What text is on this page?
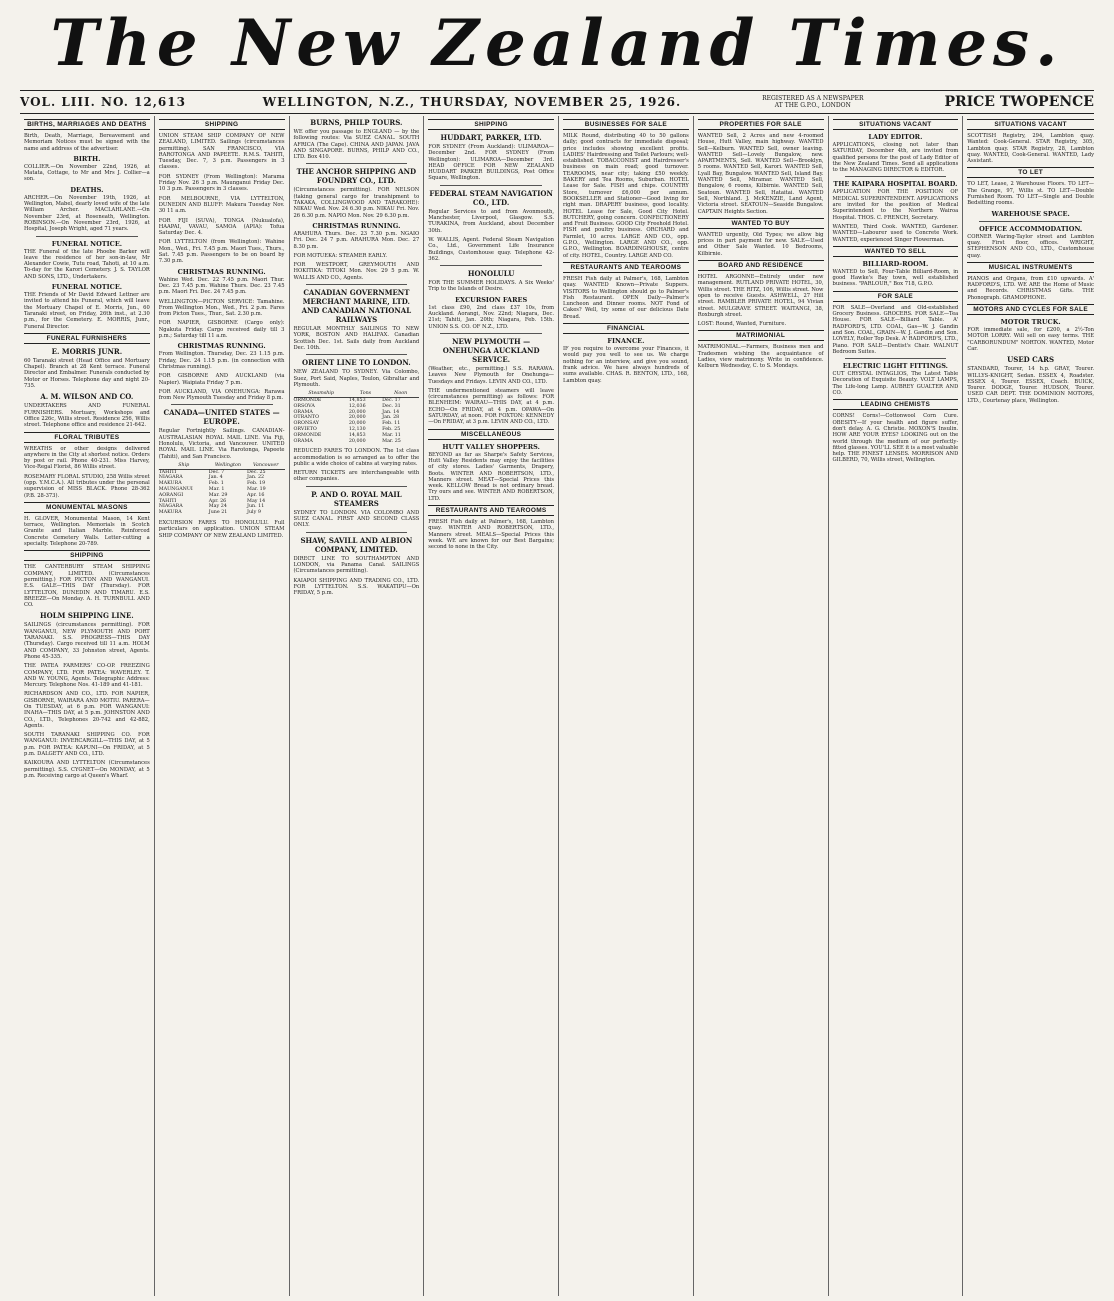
The New Zealand Times.
VOL. LIII. NO. 12,613	WELLINGTON, N.Z., THURSDAY, NOVEMBER 25, 1926.	REGISTERED AS A NEWSPAPER AT THE G.P.O., LONDON	PRICE TWOPENCE
BIRTHS, MARRIAGES AND DEATHS

Birth, Death, Marriage, Bereavement and Memoriam Notices must be signed with the name and address of the advertiser.

BIRTH.

COLLIER.—On November 22nd, 1926, at Matata, Cottage, to Mr and Mrs J. Collier—a son.

DEATHS.

ARCHER.—On November 19th, 1926, at Wellington, Mabel, dearly loved wife of the late William Archer. MACLAHLANE.—On November 23rd, at Roseneath, Wellington. ROBINSON.—On November 23rd, 1926, at Hospital, Joseph Wright, aged 71 years.

FUNERAL NOTICE.

THE Funeral of the late Phoebe Barker will leave the residence of her son-in-law, Mr Alexander Cowie, Tutu road, Tahoti, at 10 a.m. To-day for the Karori Cemetery. J. S. TAYLOR AND SONS, LTD., Undertakers.

FUNERAL NOTICE.

THE Friends of Mr David Edward Lettner are invited to attend his Funeral, which will leave the Mortuary Chapel of E. Morris, Jun., 60 Taranaki street, on Friday, 26th inst., at 2.30 p.m., for the Cemetery. E. MORRIS, Junr., Funeral Director.

FUNERAL FURNISHERS
E. MORRIS JUNR.

60 Taranaki street (Head Office and Mortuary Chapel). Branch at 28 Kent terrace. Funeral Director and Embalmer. Funerals conducted by Motor or Horses. Telephone day and night 20-735.

A. M. WILSON AND CO.

UNDERTAKERS AND FUNERAL FURNISHERS. Mortuary, Workshops and Office 226c, Willis street. Residence 256, Willis street. Telephone office and residence 21-642.

FLORAL TRIBUTES

WREATHS or other designs delivered anywhere in the City at shortest notice. Orders by post or rail. Phone 40-231. Miss Harvey, Vice-Regal Florist, 86 Willis street.

ROSEMARY FLORAL STUDIO, 258 Willis street (opp. Y.M.C.A.). All tributes under the personal supervision of MISS BLACK. Phone 28-362 (P.B. 28-373).

MONUMENTAL MASONS

H. GLOVER, Monumental Mason, 14 Kent terrace, Wellington. Memorials in Scotch Granite and Italian Marble. Reinforced Concrete Cemetery Walls. Letter-cutting a specialty. Telephone 20-789.

SHIPPING

THE CANTERBURY STEAM SHIPPING COMPANY, LIMITED. (Circumstances permitting.) FOR PICTON AND WANGANUI. E.S. GALE—THIS DAY (Thursday). FOR LYTTELTON, DUNEDIN AND TIMARU. E.S. BREEZE—On Monday. A. H. TURNBULL AND CO.

HOLM SHIPPING LINE.

SAILINGS (circumstances permitting). FOR WANGANUI, NEW PLYMOUTH AND PORT TARANAKI. S.S. PROGRESS—THIS DAY (Thursday). Cargo received till 11 a.m. HOLM AND COMPANY, 33 Johnston street, Agents. Phone 45-335.

THE PATEA FARMERS' CO-OP. FREEZING COMPANY, LTD. FOR PATEA: WAVERLEY. T. AND W. YOUNG, Agents. Telegraphic Address: Mercury. Telephone Nos. 41-189 and 41-181.

RICHARDSON AND CO., LTD. FOR NAPIER, GISBORNE, WAIRARA AND MOTIU. PARERA—On TUESDAY, at 6 p.m. FOR WANGANUI: INAHA—THIS DAY, at 5 p.m. JOHNSTON AND CO., LTD., Telephones 20-742 and 42-882, Agents.

SOUTH TARANAKI SHIPPING CO. FOR WANGANUI: INVERCARGILL—THIS DAY, at 5 p.m. FOR PATEA: KAPUNI—On FRIDAY, at 5 p.m. DALGETY AND CO., LTD.

KAIKOURA AND LYTTELTON (Circumstances permitting). S.S. CYGNET—On MONDAY, at 5 p.m. Receiving cargo at Queen's Wharf.

SHIPPING

UNION STEAM SHIP COMPANY OF NEW ZEALAND, LIMITED. Sailings (circumstances permitting). SAN FRANCISCO, VIA RAROTONGA AND PAPEETE. R.M.S. TAHITI, Tuesday, Dec. 7, 3 p.m. Passengers in 3 classes.

FOR SYDNEY (From Wellington): Marama Friday Nov. 26 3 p.m. Maunganui Friday Dec. 10 3 p.m. Passengers in 3 classes.

FOR MELBOURNE, VIA LYTTELTON, DUNEDIN AND BLUFF: Makura Tuesday Nov. 30 11 a.m.

FOR FIJI (SUVA), TONGA (Nukualofa), HAAPAI, VAVAU, SAMOA (APIA): Tofua Saturday Dec. 4.

FOR LYTTELTON (from Wellington): Wahine Mon., Wed., Fri. 7.45 p.m. Maori Tues., Thurs., Sat. 7.45 p.m. Passengers to be on board by 7.30 p.m.

CHRISTMAS RUNNING.

Wahine Wed. Dec. 22 7.45 p.m. Maori Thur. Dec. 23 7.45 p.m. Wahine Thurs. Dec. 23 7.45 p.m. Maori Fri. Dec. 24 7.45 p.m.

WELLINGTON—PICTON SERVICE: Tamahine. From Wellington Mon., Wed., Fri. 2 p.m. Fares from Picton Tues., Thur., Sat. 2.30 p.m.

FOR NAPIER, GISBORNE (Cargo only): Ngakuta Friday. Cargo received daily till 3 p.m.; Saturday till 11 a.m.

CHRISTMAS RUNNING.

From Wellington. Thursday, Dec. 23 1.15 p.m. Friday, Dec. 24 1.15 p.m. (in connection with Christmas running).

FOR GISBORNE AND AUCKLAND (via Napier). Waipiata Friday 7 p.m.

FOR AUCKLAND, VIA ONEHUNGA: Rarawa from New Plymouth Tuesday and Friday 8 p.m.

CANADA—UNITED STATES —EUROPE.

Regular Fortnightly Sailings. CANADIAN-AUSTRALASIAN ROYAL MAIL LINE. Via Fiji, Honolulu, Victoria, and Vancouver. UNITED ROYAL MAIL LINE. Via Rarotonga, Papeete (Tahiti), and San Francisco.

Ship	Wellington	Vancouver
TAHITI	Dec. 7	Dec. 25
NIAGARA	Jan. 4	Jan. 22
MAKURA	Feb. 1	Feb. 19
MAUNGANUI	Mar. 1	Mar. 19
AORANGI	Mar. 29	Apr. 16
TAHITI	Apr. 26	May 14
NIAGARA	May 24	Jun. 11
MAKURA	June 21	July 9

EXCURSION FARES TO HONOLULU. Full particulars on application. UNION STEAM SHIP COMPANY OF NEW ZEALAND LIMITED.

BURNS, PHILP TOURS.

WE offer you passage to ENGLAND — by the following routes: Via SUEZ CANAL. SOUTH AFRICA (The Cape). CHINA AND JAPAN. JAVA AND SINGAPORE. BURNS, PHILP AND CO., LTD. Box 410.

THE ANCHOR SHIPPING AND FOUNDRY CO., LTD.

(Circumstances permitting). FOR NELSON (taking general cargo for transhipment to TAKAKA, COLLINGWOOD AND TARAKOHE): NIKAU Wed. Nov. 24 6.30 p.m. NIKAU Fri. Nov. 26 6.30 p.m. NAPIO Mon. Nov. 29 6.30 p.m.

CHRISTMAS RUNNING.

ARAHURA Thurs. Dec. 23 7.30 p.m. NGAIO Fri. Dec. 24 7 p.m. ARAHURA Mon. Dec. 27 8.30 p.m.

FOR MOTUEKA: STEAMER EARLY.

FOR WESTPORT, GREYMOUTH AND HOKITIKA: TITOKI Mon. Nov. 29 5 p.m. W. WALLIS AND CO., Agents.

CANADIAN GOVERNMENT MERCHANT MARINE, LTD. AND CANADIAN NATIONAL RAILWAYS

REGULAR MONTHLY SAILINGS TO NEW YORK, BOSTON AND HALIFAX. Canadian Scottish Dec. 1st. Sails daily from Auckland Dec. 10th.

ORIENT LINE TO LONDON.

NEW ZEALAND TO SYDNEY. Via Colombo, Suez, Port Said, Naples, Toulon, Gibraltar and Plymouth.

Steamship	Tons	Noon
ORMONDE	14,853	Dec. 17
ORSOVA	12,036	Dec. 31
ORAMA	20,000	Jan. 14
OTRANTO	20,000	Jan. 28
ORONSAY	20,000	Feb. 11
ORVIETO	12,130	Feb. 25
ORMONDE	14,853	Mar. 11
ORAMA	20,000	Mar. 25

REDUCED FARES TO LONDON. The 1st class accommodation is so arranged as to offer the public a wide choice of cabins at varying rates.

RETURN TICKETS are interchangeable with other companies.

P. AND O. ROYAL MAIL STEAMERS

SYDNEY TO LONDON. VIA COLOMBO AND SUEZ CANAL. FIRST AND SECOND CLASS ONLY.

SHAW, SAVILL AND ALBION COMPANY, LIMITED.

DIRECT LINE TO SOUTHAMPTON AND LONDON, via Panama Canal. SAILINGS (Circumstances permitting).

KAIAPOI SHIPPING AND TRADING CO., LTD. FOR LYTTELTON. S.S. WAKATIPU—On FRIDAY, 5 p.m.

SHIPPING
HUDDART, PARKER, LTD.

FOR SYDNEY (From Auckland): ULIMAROA—December 2nd. FOR SYDNEY (From Wellington): ULIMAROA—December 3rd. HEAD OFFICE FOR NEW ZEALAND HUDDART PARKER BUILDINGS, Post Office Square, Wellington.

FEDERAL STEAM NAVIGATION CO., LTD.

Regular Services to and from Avonmouth, Manchester, Liverpool, Glasgow. S.S. TURAKINA, from Auckland, about December 30th.

W. WALLIS, Agent. Federal Steam Navigation Co., Ltd., Government Life Insurance Buildings, Customhouse quay. Telephone 42-362.

HONOLULU

FOR THE SUMMER HOLIDAYS. A Six Weeks' Trip to the Islands of Desire.

EXCURSION FARES

1st class £90, 2nd class £37 10s, from Auckland. Aorangi, Nov. 22nd; Niagara, Dec. 21st; Tahiti, Jan. 20th; Niagara, Feb. 15th. UNION S.S. CO. OF N.Z., LTD.

NEW PLYMOUTH — ONEHUNGA AUCKLAND SERVICE.

(Weather, etc., permitting.) S.S. RARAWA. Leaves New Plymouth for Onehunga—Tuesdays and Fridays. LEVIN AND CO., LTD.

THE undermentioned steamers will leave (circumstances permitting) as follows: FOR BLENHEIM: WAIRAU—THIS DAY, at 4 p.m. ECHO—On FRIDAY, at 4 p.m. OPAWA—On SATURDAY, at noon. FOR FOXTON: KENNEDY—On FRIDAY, at 3 p.m. LEVIN AND CO., LTD.

MISCELLANEOUS
HUTT VALLEY SHOPPERS.

BEYOND as far as Sharpe's Safety Services, Hutt Valley Residents may enjoy the facilities of city stores. Ladies' Garments, Drapery, Boots. WINTER AND ROBERTSON, LTD., Manners street. MEAT—Special Prices this week. KELLOW Bread is not ordinary bread. Try ours and see. WINTER AND ROBERTSON, LTD.

RESTAURANTS AND TEAROOMS

FRESH Fish daily at Palmer's, 168, Lambton quay. WINTER AND ROBERTSON, LTD., Manners street. MEALS—Special Prices this week. WE are known for our Best Bargains; second to none in the City.

BUSINESSES FOR SALE

MILK Round, distributing 40 to 50 gallons daily; good contracts for immediate disposal; price includes showing excellent profits. LADIES' Hairdressing and Toilet Parlours; well-established. TOBACCONIST and Hairdresser's business on main road; good turnover. TEAROOMS, near city; taking £50 weekly. BAKERY and Tea Rooms, Suburban. HOTEL Lease for Sale. FISH and chips. COUNTRY Store, turnover £6,000 per annum. BOOKSELLER and Stationer—Good living for right man. DRAPERY business, good locality. HOTEL Lease for Sale, Good City Hotel. BUTCHERY, going concern. CONFECTIONERY and Fruit Business. GOOD City Freehold Hotel. FISH and poultry business. ORCHARD and Farmlet, 10 acres. LARGE AND CO., opp. G.P.O., Wellington. LARGE AND CO., opp. G.P.O., Wellington. BOARDINGHOUSE, centre of city. HOTEL, Country. LARGE AND CO.

RESTAURANTS AND TEAROOMS

FRESH Fish daily at Palmer's, 168, Lambton quay. WANTED Known—Private Suppers. VISITORS to Wellington should go to Palmer's Fish Restaurant. OPEN Daily—Palmer's Luncheon and Dinner rooms. NOT Fond of Cakes? Well, try some of our delicious Date Bread.

FINANCIAL
FINANCE.

IF you require to overcome your Finances, it would pay you well to see us. We charge nothing for an interview, and give you sound, frank advice. We have always hundreds of sums available. CHAS. R. BENTON, LTD., 168, Lambton quay.

PROPERTIES FOR SALE

WANTED Sell, 2 Acres and new 4-roomed House, Hutt Valley, main highway. WANTED Sell—Kelburn. WANTED Sell, owner leaving. WANTED Sell—Lovely Bungalow, new. APARTMENTS, Sell. WANTED Sell—Brooklyn, 5 rooms. WANTED Sell, Karori. WANTED Sell, Lyall Bay, Bungalow. WANTED Sell, Island Bay. WANTED Sell, Miramar. WANTED Sell, Bungalow, 6 rooms, Kilbirnie. WANTED Sell, Seatoun. WANTED Sell, Hataitai. WANTED Sell, Northland. J. McKENZIE, Land Agent, Victoria street. SEATOUN—Seaside Bungalow. CAPTAIN Heights Section.

WANTED TO BUY

WANTED urgently, Old Types; we allow big prices in part payment for new. SALE—Used and Other Sale Wanted. 10 Bedrooms, Kilbirnie.

BOARD AND RESIDENCE

HOTEL ARGONNE—Entirely under new management. RUTLAND PRIVATE HOTEL, 30, Willis street. THE RITZ, 106, Willis street. Now open to receive Guests. ASHWELL, 27 Hill street. RAMBLER PRIVATE HOTEL, 94 Vivian street. MULGRAVE STREET. WAITANGI, 38, Roxburgh street.

LOST: Round, Wanted, Furniture.

MATRIMONIAL

MATRIMONIAL.—Farmers, Business men and Tradesmen wishing the acquaintance of Ladies, view matrimony. Write in confidence. Kelburn Wednesday, C. to S. Mondays.

SITUATIONS VACANT
LADY EDITOR.

APPLICATIONS, closing not later than SATURDAY, December 4th, are invited from qualified persons for the post of Lady Editor of the New Zealand Times. Send all applications to the MANAGING DIRECTOR & EDITOR.

THE KAIPARA HOSPITAL BOARD.

APPLICATION FOR THE POSITION OF MEDICAL SUPERINTENDENT. APPLICATIONS are invited for the position of Medical Superintendent to the Northern Wairoa Hospital. THOS. C. FRENCH, Secretary.

WANTED, Third Cook. WANTED, Gardener. WANTED—Labourer used to Concrete Work. WANTED, experienced Singer Flowerman.

WANTED TO SELL
BILLIARD-ROOM.

WANTED to Sell, Four-Table Billiard-Room, in good Hawke's Bay town, well established business. "PARLOUR," Box 718, G.P.O.

FOR SALE

FOR SALE—Overland and Old-established Grocery Business. GROCERS. FOR SALE—Tea House. FOR SALE—Billiard Table. A' RADFORD'S, LTD. COAL, Gas—W. J. Gandin and Son. COAL, GRAIN—W. J. Gandin and Son. LOVELY, Roller Top Desk. A' RADFORD'S, LTD., Piano. FOR SALE—Dentist's Chair. WALNUT Bedroom Suites.

ELECTRIC LIGHT FITTINGS.

CUT CRYSTAL INTAGLIOS, The Latest Table Decoration of Exquisite Beauty. VOLT LAMPS, The Life-long Lamp. AUBREY GUALTER AND CO.

LEADING CHEMISTS

CORNS! Corns!—Cottonwool Corn Cure. OBESITY—If your health and figure suffer, don't delay. A. G. Christie. MOXON'S Insulin. HOW ARE YOUR EYES? LOOKING out on the world through the medium of our perfectly-fitted glasses. YOU'LL SEE it is a most valuable help. THE FINEST LENSES. MORRISON AND GILBERD, 70, Willis street, Wellington.

SITUATIONS VACANT

SCOTTISH Registry, 294, Lambton quay. Wanted: Cook-General. STAR Registry, 305, Lambton quay. STAR Registry, 28, Lambton quay. WANTED, Cook-General. WANTED, Lady Assistant.

TO LET

TO LET, Lease, 2 Warehouse Floors. TO LET—The Grange, 97, Willis st. TO LET—Double Furnished Room. TO LET—Single and Double Bedsitting rooms.

WAREHOUSE SPACE.
OFFICE ACCOMMODATION.

CORNER Waring-Taylor street and Lambton quay. First floor, offices. WRIGHT, STEPHENSON AND CO., LTD., Customhouse quay.

MUSICAL INSTRUMENTS

PIANOS and Organs, from £10 upwards. A' RADFORD'S, LTD. WE ARE the Home of Music and Records. CHRISTMAS Gifts. THE Phonograph. GRAMOPHONE.

MOTORS AND CYCLES FOR SALE
MOTOR TRUCK.

FOR immediate sale, for £200, a 2½-Ton MOTOR LORRY. Will sell on easy terms. THE "CARBORUNDUM" NORTON. WANTED, Motor Car.

USED CARS

STANDARD, Tourer, 14 h.p. GRAY, Tourer. WILLYS-KNIGHT, Sedan. ESSEX 4, Roadster. ESSEX 4, Tourer. ESSEX, Coach. BUICK, Tourer. DODGE, Tourer. HUDSON, Tourer. USED CAR DEPT. THE DOMINION MOTORS, LTD., Courtenay place, Wellington.
